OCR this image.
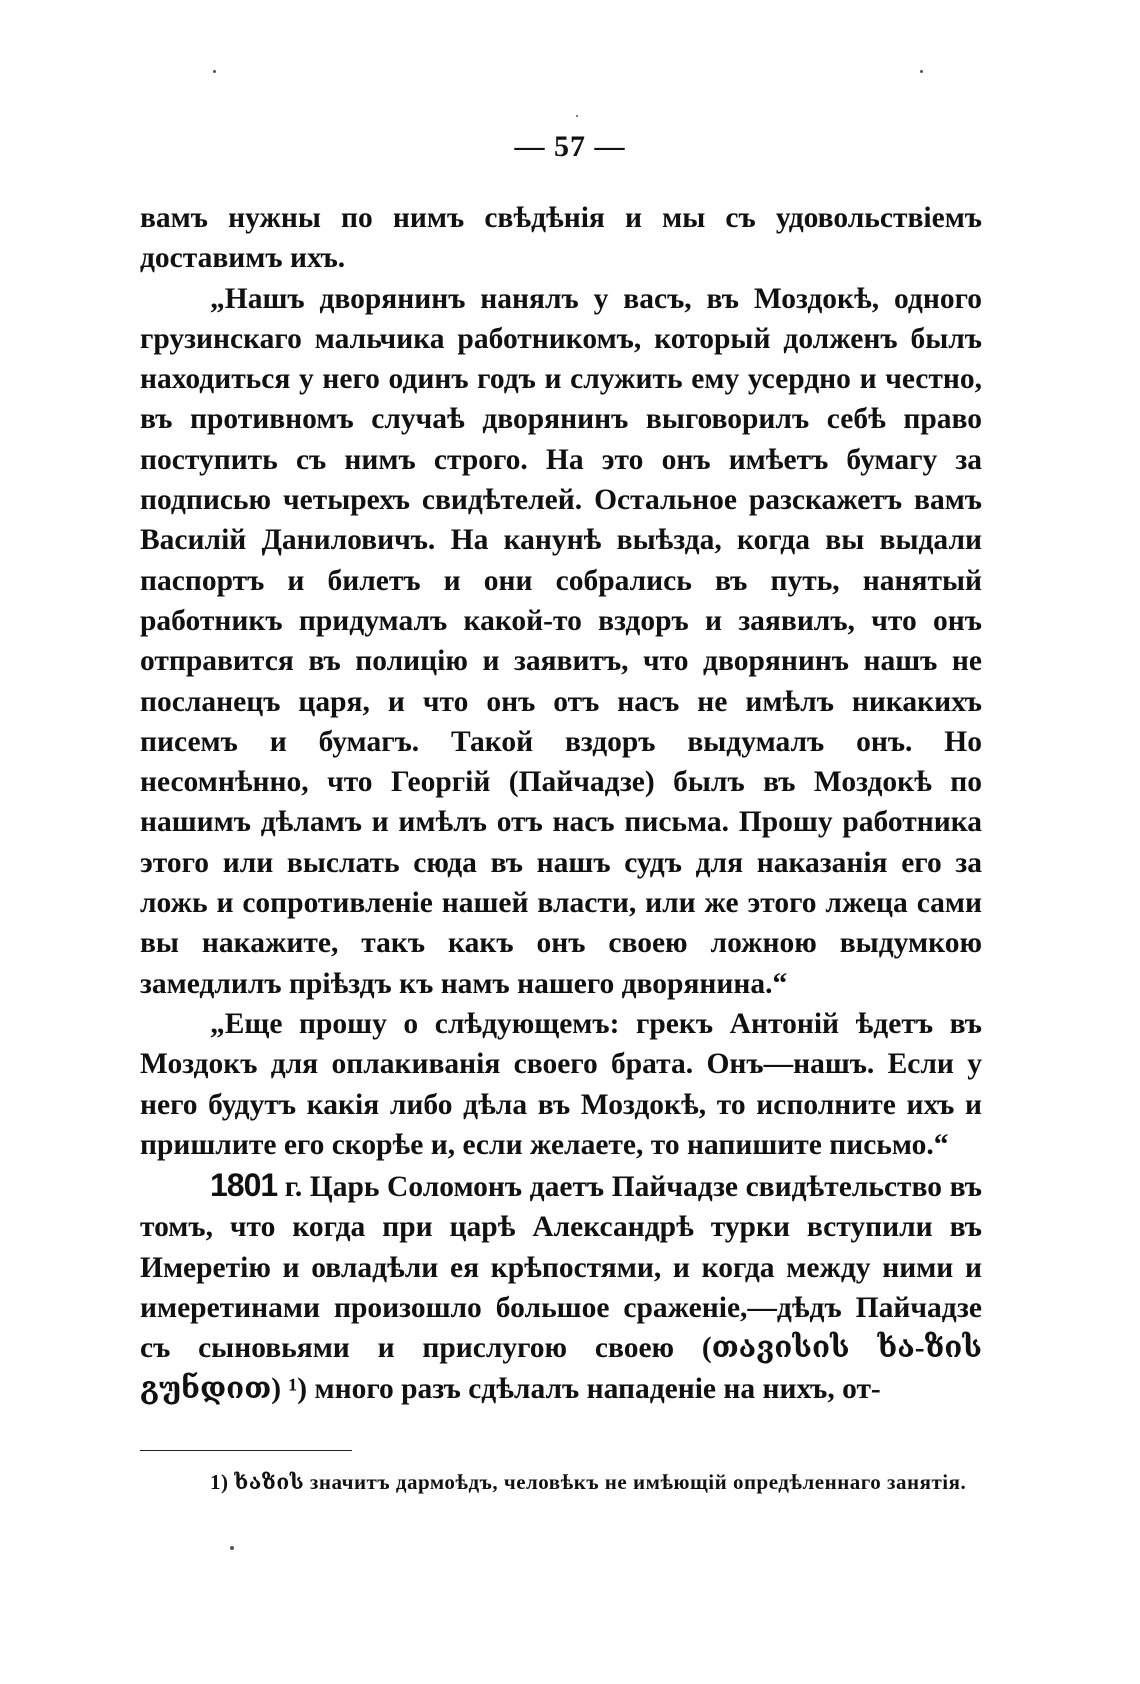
— 57 —

вамъ нужны по нимъ свѣдѣнія и мы съ удовольствіемъ доставимъ ихъ.

„Нашъ дворянинъ нанялъ у васъ, въ Моздокѣ, одного грузинскаго мальчика работникомъ, который долженъ былъ находиться у него одинъ годъ и служить ему усердно и честно, въ противномъ случаѣ дворянинъ выговорилъ себѣ право поступить съ нимъ строго. На это онъ имѣетъ бумагу за подписью четырехъ свидѣтелей. Остальное разскажетъ вамъ Василій Даниловичъ. На канунѣ выѣзда, когда вы выдали паспортъ и билетъ и они собрались въ путь, нанятый работникъ придумалъ какой-то вздоръ и заявилъ, что онъ отправится въ полицію и заявитъ, что дворянинъ нашъ не посланецъ царя, и что онъ отъ насъ не имѣлъ никакихъ писемъ и бумагъ. Такой вздоръ выдумалъ онъ. Но несомнѣнно, что Георгій (Пайчадзе) былъ въ Моздокѣ по нашимъ дѣламъ и имѣлъ отъ насъ письма. Прошу работника этого или выслать сюда въ нашъ судъ для наказанія его за ложь и сопротивленіе нашей власти, или же этого лжеца сами вы накажите, такъ какъ онъ своею ложною выдумкою замедлилъ пріѣздъ къ намъ нашего дворянина.“

„Еще прошу о слѣдующемъ: грекъ Антоній ѣдетъ въ Моздокъ для оплакиванія своего брата. Онъ—нашъ. Если у него будутъ какія либо дѣла въ Моздокѣ, то исполните ихъ и пришлите его скорѣе и, если желаете, то напишите письмо.“

1801 г. Царь Соломонъ даетъ Пайчадзе свидѣтельство въ томъ, что когда при царѣ Александрѣ турки вступили въ Имеретію и овладѣли ея крѣпостями, и когда между ними и имеретинами произошло большое сраженіе,—дѣдъ Пайчадзе съ сыновьями и прислугою своею (თავისის ხა-ზის გუნდით) ¹) много разъ сдѣлалъ нападеніе на нихъ, от-

1) ხაზის значитъ дармоѣдъ, человѣкъ не имѣющій опредѣленнаго занятія.
